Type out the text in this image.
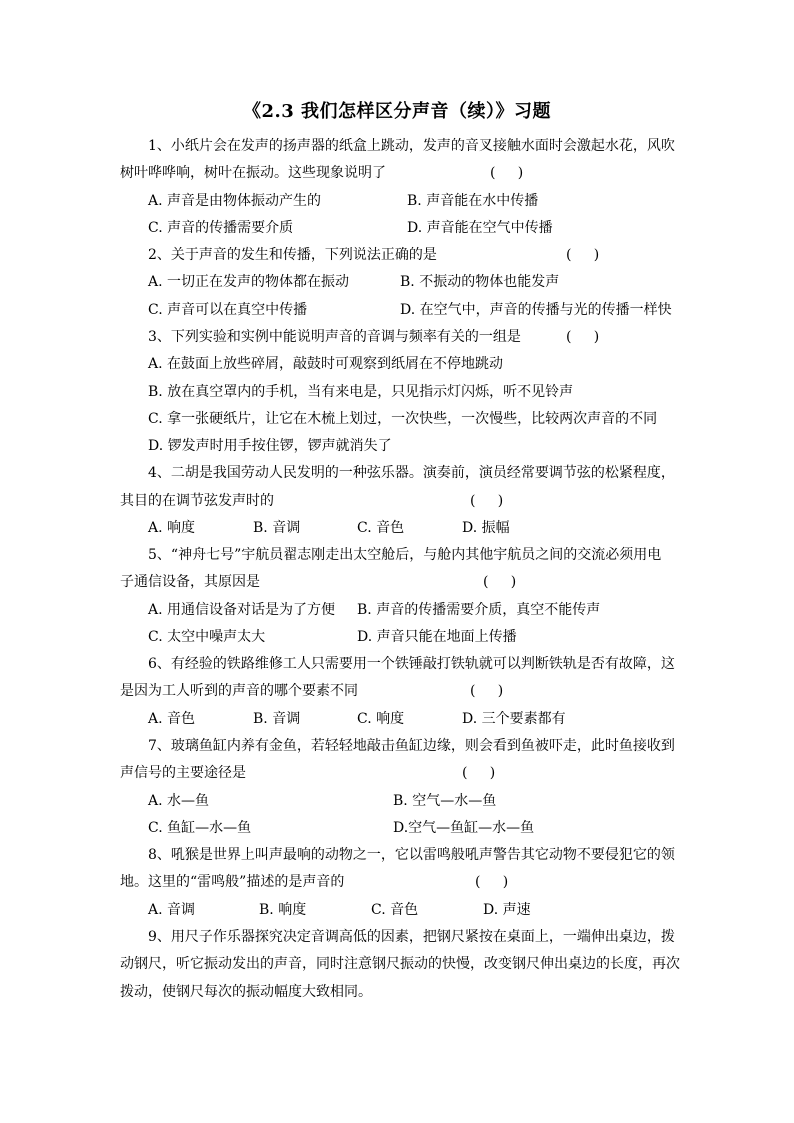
《2.3 我们怎样区分声音（续）》习题
1、小纸片会在发声的扬声器的纸盒上跳动，发声的音叉接触水面时会激起水花，风吹
树叶哗哗响，树叶在振动。这些现象说明了	(     )
A. 声音是由物体振动产生的	B. 声音能在水中传播
C. 声音的传播需要介质	D. 声音能在空气中传播
2、关于声音的发生和传播，下列说法正确的是	(     )
A. 一切正在发声的物体都在振动	B. 不振动的物体也能发声
C. 声音可以在真空中传播	D. 在空气中，声音的传播与光的传播一样快
3、下列实验和实例中能说明声音的音调与频率有关的一组是	(     )
A. 在鼓面上放些碎屑，敲鼓时可观察到纸屑在不停地跳动
B. 放在真空罩内的手机，当有来电是，只见指示灯闪烁，听不见铃声
C. 拿一张硬纸片，让它在木梳上划过，一次快些，一次慢些，比较两次声音的不同
D. 锣发声时用手按住锣，锣声就消失了
4、二胡是我国劳动人民发明的一种弦乐器。演奏前，演员经常要调节弦的松紧程度，
其目的在调节弦发声时的	(     )
A. 响度	B. 音调	C. 音色	D. 振幅
5、“神舟七号”宇航员翟志刚走出太空舱后，与舱内其他宇航员之间的交流必须用电
子通信设备，其原因是	(     )
A. 用通信设备对话是为了方便 B. 声音的传播需要介质，真空不能传声
C. 太空中噪声太大	D. 声音只能在地面上传播
6、有经验的铁路维修工人只需要用一个铁锤敲打铁轨就可以判断铁轨是否有故障，这
是因为工人听到的声音的哪个要素不同	(     )
A. 音色	B. 音调	C. 响度	D. 三个要素都有
7、玻璃鱼缸内养有金鱼，若轻轻地敲击鱼缸边缘，则会看到鱼被吓走，此时鱼接收到
声信号的主要途径是	(     )
A. 水—鱼	B. 空气—水—鱼
C. 鱼缸—水—鱼	D.空气—鱼缸—水—鱼
8、吼猴是世界上叫声最响的动物之一，它以雷鸣般吼声警告其它动物不要侵犯它的领
地。这里的“雷鸣般”描述的是声音的	(     )
A. 音调	B. 响度	C. 音色	D. 声速
9、用尺子作乐器探究决定音调高低的因素，把钢尺紧按在桌面上，一端伸出桌边，拨
动钢尺，听它振动发出的声音，同时注意钢尺振动的快慢，改变钢尺伸出桌边的长度，再次
拨动，使钢尺每次的振动幅度大致相同。
